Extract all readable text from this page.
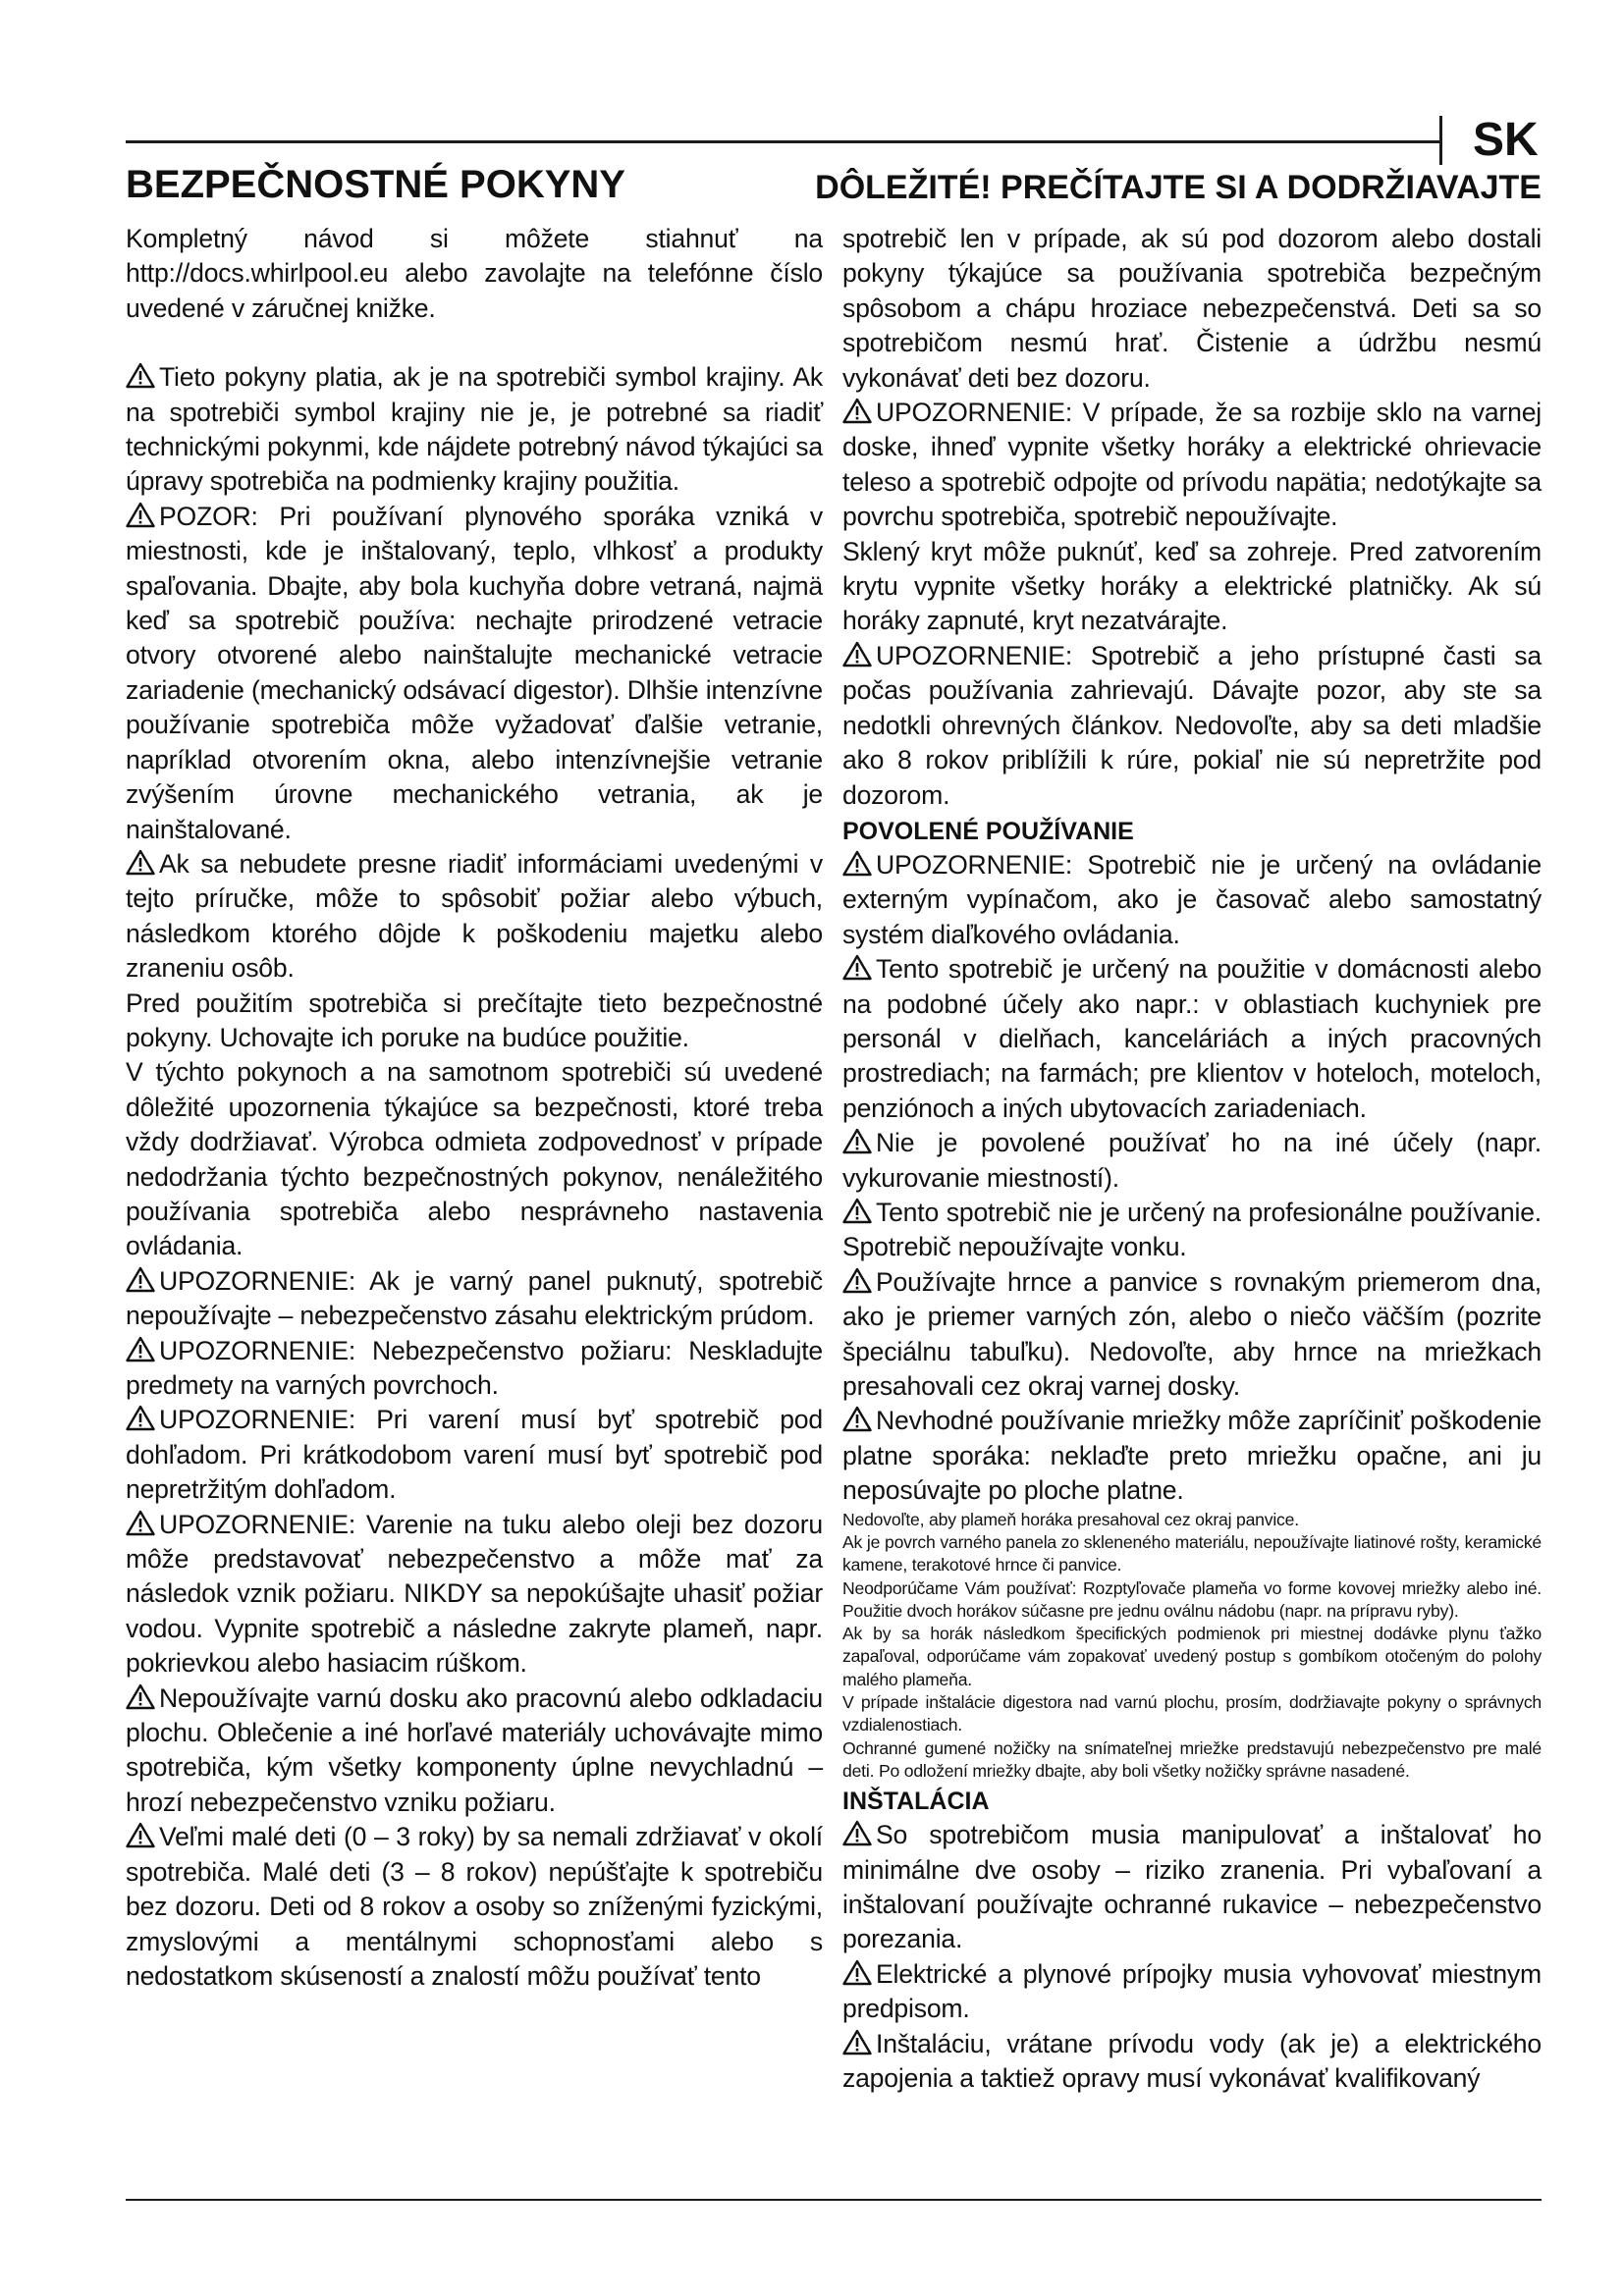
SK
BEZPEČNOSTNÉ POKYNY	DÔLEŽITÉ! PREČÍTAJTE SI A DODRŽIAVAJTE

Kompletný návod si môžete stiahnuť na http://docs.whirlpool.eu alebo zavolajte na telefónne číslo uvedené v záručnej knižke.

Tieto pokyny platia, ak je na spotrebiči symbol krajiny. Ak na spotrebiči symbol krajiny nie je, je potrebné sa riadiť technickými pokynmi, kde nájdete potrebný návod týkajúci sa úpravy spotrebiča na podmienky krajiny použitia.

POZOR: Pri používaní plynového sporáka vzniká v miestnosti, kde je inštalovaný, teplo, vlhkosť a produkty spaľovania. Dbajte, aby bola kuchyňa dobre vetraná, najmä keď sa spotrebič používa: nechajte prirodzené vetracie otvory otvorené alebo nainštalujte mechanické vetracie zariadenie (mechanický odsávací digestor). Dlhšie intenzívne používanie spotrebiča môže vyžadovať ďalšie vetranie, napríklad otvorením okna, alebo intenzívnejšie vetranie zvýšením úrovne mechanického vetrania, ak je nainštalované.

Ak sa nebudete presne riadiť informáciami uvedenými v tejto príručke, môže to spôsobiť požiar alebo výbuch, následkom ktorého dôjde k poškodeniu majetku alebo zraneniu osôb.

Pred použitím spotrebiča si prečítajte tieto bezpečnostné pokyny. Uchovajte ich poruke na budúce použitie.

V týchto pokynoch a na samotnom spotrebiči sú uvedené dôležité upozornenia týkajúce sa bezpečnosti, ktoré treba vždy dodržiavať. Výrobca odmieta zodpovednosť v prípade nedodržania týchto bezpečnostných pokynov, nenáležitého používania spotrebiča alebo nesprávneho nastavenia ovládania.

UPOZORNENIE: Ak je varný panel puknutý, spotrebič nepoužívajte – nebezpečenstvo zásahu elektrickým prúdom.

UPOZORNENIE: Nebezpečenstvo požiaru: Neskladujte predmety na varných povrchoch.

UPOZORNENIE: Pri varení musí byť spotrebič pod dohľadom. Pri krátkodobom varení musí byť spotrebič pod nepretržitým dohľadom.

UPOZORNENIE: Varenie na tuku alebo oleji bez dozoru môže predstavovať nebezpečenstvo a môže mať za následok vznik požiaru. NIKDY sa nepokúšajte uhasiť požiar vodou. Vypnite spotrebič a následne zakryte plameň, napr. pokrievkou alebo hasiacim rúškom.

Nepoužívajte varnú dosku ako pracovnú alebo odkladaciu plochu. Oblečenie a iné horľavé materiály uchovávajte mimo spotrebiča, kým všetky komponenty úplne nevychladnú – hrozí nebezpečenstvo vzniku požiaru.

Veľmi malé deti (0 – 3 roky) by sa nemali zdržiavať v okolí spotrebiča. Malé deti (3 – 8 rokov) nepúšťajte k spotrebiču bez dozoru. Deti od 8 rokov a osoby so zníženými fyzickými, zmyslovými a mentálnymi schopnosťami alebo s nedostatkom skúseností a znalostí môžu používať tento

spotrebič len v prípade, ak sú pod dozorom alebo dostali pokyny týkajúce sa používania spotrebiča bezpečným spôsobom a chápu hroziace nebezpečenstvá. Deti sa so spotrebičom nesmú hrať. Čistenie a údržbu nesmú vykonávať deti bez dozoru.

UPOZORNENIE: V prípade, že sa rozbije sklo na varnej doske, ihneď vypnite všetky horáky a elektrické ohrievacie teleso a spotrebič odpojte od prívodu napätia; nedotýkajte sa povrchu spotrebiča, spotrebič nepoužívajte.

Sklený kryt môže puknúť, keď sa zohreje. Pred zatvorením krytu vypnite všetky horáky a elektrické platničky. Ak sú horáky zapnuté, kryt nezatvárajte.

UPOZORNENIE: Spotrebič a jeho prístupné časti sa počas používania zahrievajú. Dávajte pozor, aby ste sa nedotkli ohrevných článkov. Nedovoľte, aby sa deti mladšie ako 8 rokov priblížili k rúre, pokiaľ nie sú nepretržite pod dozorom.

POVOLENÉ POUŽÍVANIE

UPOZORNENIE: Spotrebič nie je určený na ovládanie externým vypínačom, ako je časovač alebo samostatný systém diaľkového ovládania.

Tento spotrebič je určený na použitie v domácnosti alebo na podobné účely ako napr.: v oblastiach kuchyniek pre personál v dielňach, kanceláriách a iných pracovných prostrediach; na farmách; pre klientov v hoteloch, moteloch, penziónoch a iných ubytovacích zariadeniach.

Nie je povolené používať ho na iné účely (napr. vykurovanie miestností).

Tento spotrebič nie je určený na profesionálne používanie. Spotrebič nepoužívajte vonku.

Používajte hrnce a panvice s rovnakým priemerom dna, ako je priemer varných zón, alebo o niečo väčším (pozrite špeciálnu tabuľku). Nedovoľte, aby hrnce na mriežkach presahovali cez okraj varnej dosky.

Nevhodné používanie mriežky môže zapríčiniť poškodenie platne sporáka: neklaďte preto mriežku opačne, ani ju neposúvajte po ploche platne.

Nedovoľte, aby plameň horáka presahoval cez okraj panvice.

Ak je povrch varného panela zo skleneného materiálu, nepoužívajte liatinové rošty, keramické kamene, terakotové hrnce či panvice.

Neodporúčame Vám používať: Rozptyľovače plameňa vo forme kovovej mriežky alebo iné. Použitie dvoch horákov súčasne pre jednu oválnu nádobu (napr. na prípravu ryby).

Ak by sa horák následkom špecifických podmienok pri miestnej dodávke plynu ťažko zapaľoval, odporúčame vám zopakovať uvedený postup s gombíkom otočeným do polohy malého plameňa.

V prípade inštalácie digestora nad varnú plochu, prosím, dodržiavajte pokyny o správnych vzdialenostiach.

Ochranné gumené nožičky na snímateľnej mriežke predstavujú nebezpečenstvo pre malé deti. Po odložení mriežky dbajte, aby boli všetky nožičky správne nasadené.

INŠTALÁCIA

So spotrebičom musia manipulovať a inštalovať ho minimálne dve osoby – riziko zranenia. Pri vybaľovaní a inštalovaní používajte ochranné rukavice – nebezpečenstvo porezania.

Elektrické a plynové prípojky musia vyhovovať miestnym predpisom.

Inštaláciu, vrátane prívodu vody (ak je) a elektrického zapojenia a taktiež opravy musí vykonávať kvalifikovaný
